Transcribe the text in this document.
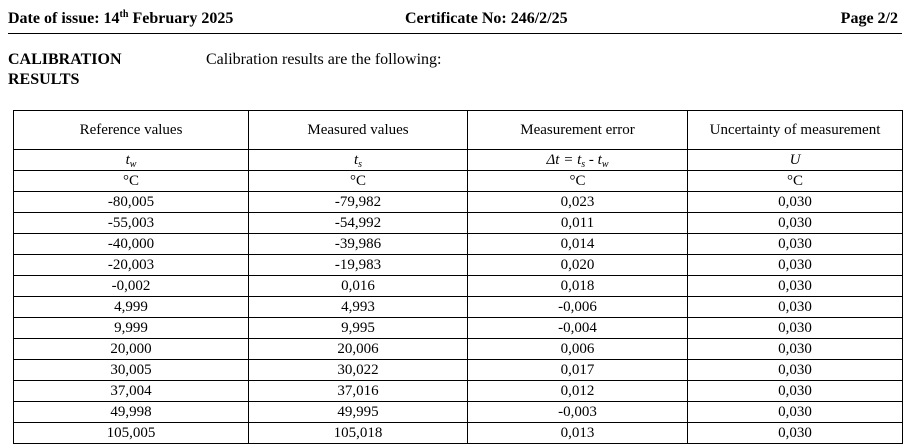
Date of issue: 14th February 2025	Certificate No: 246/2/25	Page 2/2
CALIBRATION
RESULTS
Calibration results are the following:
Reference values	Measured values	Measurement error	Uncertainty of measurement
$t_w$	$t_s$	$\Delta t = t_s - t_w$	U
°C	°C	°C	°C
-80,005	-79,982	0,023	0,030
-55,003	-54,992	0,011	0,030
-40,000	-39,986	0,014	0,030
-20,003	-19,983	0,020	0,030
-0,002	0,016	0,018	0,030
4,999	4,993	-0,006	0,030
9,999	9,995	-0,004	0,030
20,000	20,006	0,006	0,030
30,005	30,022	0,017	0,030
37,004	37,016	0,012	0,030
49,998	49,995	-0,003	0,030
105,005	105,018	0,013	0,030
